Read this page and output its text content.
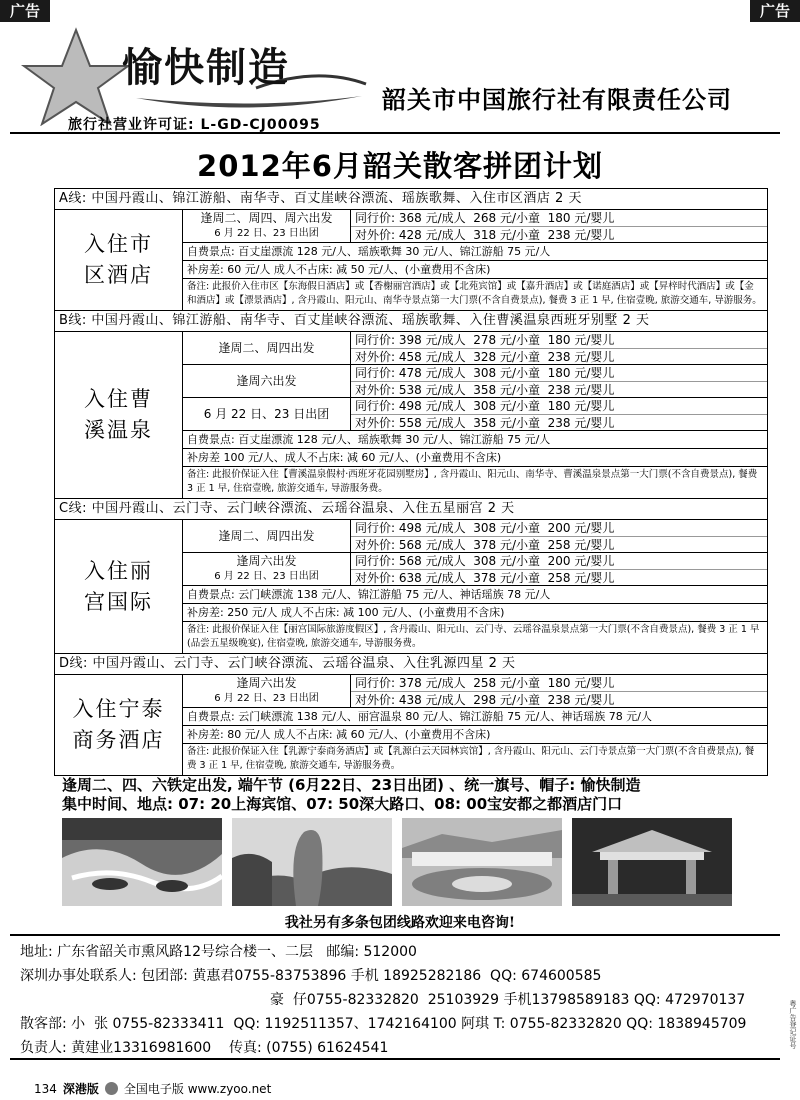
广告	广告
愉快制造
旅行社营业许可证: L-GD-CJ00095
韶关市中国旅行社有限责任公司
2012年6月韶关散客拼团计划
A线: 中国丹霞山、锦江游船、南华寺、百丈崖峡谷漂流、瑶族歌舞、入住市区酒店 2 天
入住市
区酒店
逢周二、周四、周六出发
6 月 22 日、23 日出团
同行价: 368 元/成人  268 元/小童  180 元/婴儿
对外价: 428 元/成人  318 元/小童  238 元/婴儿
自费景点: 百丈崖漂流 128 元/人、瑶族歌舞 30 元/人、锦江游船 75 元/人
补房差: 60 元/人 成人不占床: 减 50 元/人、(小童费用不含床)
备注: 此报价入住市区【东海假日酒店】或【香榭丽宫酒店】或【北苑宾馆】或【嘉升酒店】或【诺庭酒店】或【昇梓时代酒店】或【金和酒店】或【漂景酒店】, 含丹霞山、阳元山、南华寺景点第一大门票(不含自费景点), 餐费 3 正 1 早, 住宿壹晚, 旅游交通车, 导游服务。
B线: 中国丹霞山、锦江游船、南华寺、百丈崖峡谷漂流、瑶族歌舞、入住曹溪温泉西班牙别墅 2 天
入住曹
溪温泉
逢周二、周四出发
同行价: 398 元/成人  278 元/小童  180 元/婴儿
对外价: 458 元/成人  328 元/小童  238 元/婴儿
逢周六出发
同行价: 478 元/成人  308 元/小童  180 元/婴儿
对外价: 538 元/成人  358 元/小童  238 元/婴儿
6 月 22 日、23 日出团
同行价: 498 元/成人  308 元/小童  180 元/婴儿
对外价: 558 元/成人  358 元/小童  238 元/婴儿
自费景点: 百丈崖漂流 128 元/人、瑶族歌舞 30 元/人、锦江游船 75 元/人
补房差 100 元/人、成人不占床: 减 60 元/人、(小童费用不含床)
备注: 此报价保证入住【曹溪温泉假村·西班牙花园别墅房】, 含丹霞山、阳元山、南华寺、曹溪温泉景点第一大门票(不含自费景点), 餐费 3 正 1 早, 住宿壹晚, 旅游交通车, 导游服务费。
C线: 中国丹霞山、云门寺、云门峡谷漂流、云瑶谷温泉、入住五星丽宫 2 天
入住丽
宫国际
逢周二、周四出发
同行价: 498 元/成人  308 元/小童  200 元/婴儿
对外价: 568 元/成人  378 元/小童  258 元/婴儿
逢周六出发
6 月 22 日、23 日出团
同行价: 568 元/成人  308 元/小童  200 元/婴儿
对外价: 638 元/成人  378 元/小童  258 元/婴儿
自费景点: 云门峡漂流 138 元/人、锦江游船 75 元/人、神话瑶族 78 元/人
补房差: 250 元/人 成人不占床: 减 100 元/人、(小童费用不含床)
备注: 此报价保证入住【丽宫国际旅游度假区】, 含丹霞山、阳元山、云门寺、云瑶谷温泉景点第一大门票(不含自费景点), 餐费 3 正 1 早(品尝五星级晚宴), 住宿壹晚, 旅游交通车, 导游服务费。
D线: 中国丹霞山、云门寺、云门峡谷漂流、云瑶谷温泉、入住乳源四星 2 天
入住宁泰
商务酒店
逢周六出发
6 月 22 日、23 日出团
同行价: 378 元/成人  258 元/小童  180 元/婴儿
对外价: 438 元/成人  298 元/小童  238 元/婴儿
自费景点: 云门峡漂流 138 元/人、丽宫温泉 80 元/人、锦江游船 75 元/人、神话瑶族 78 元/人
补房差: 80 元/人 成人不占床: 减 60 元/人、(小童费用不含床)
备注: 此报价保证入住【乳源宁泰商务酒店】或【乳源白云天园林宾馆】, 含丹霞山、阳元山、云门寺景点第一大门票(不含自费景点), 餐费 3 正 1 早, 住宿壹晚, 旅游交通车, 导游服务费。
逢周二、四、六铁定出发, 端午节 (6月22日、23日出团) 、统一旗号、帽子: 愉快制造
集中时间、地点: 07: 20上海宾馆、07: 50深大路口、08: 00宝安都之都酒店门口
我社另有多条包团线路欢迎来电咨询!
地址: 广东省韶关市熏风路12号综合楼一、二层   邮编: 512000
深圳办事处联系人: 包团部: 黄惠君0755-83753896 手机 18925282186  QQ: 674600585
豪  仔0755-82332820  25103929 手机13798589183 QQ: 472970137
散客部: 小  张 0755-82333411  QQ: 1192511357、1742164100 阿琪 T: 0755-82332820 QQ: 1838945709
负责人: 黄建业13316981600    传真: (0755) 61624541
134 深港版 全国电子版 www.zyoo.net
粤广告登记证号
